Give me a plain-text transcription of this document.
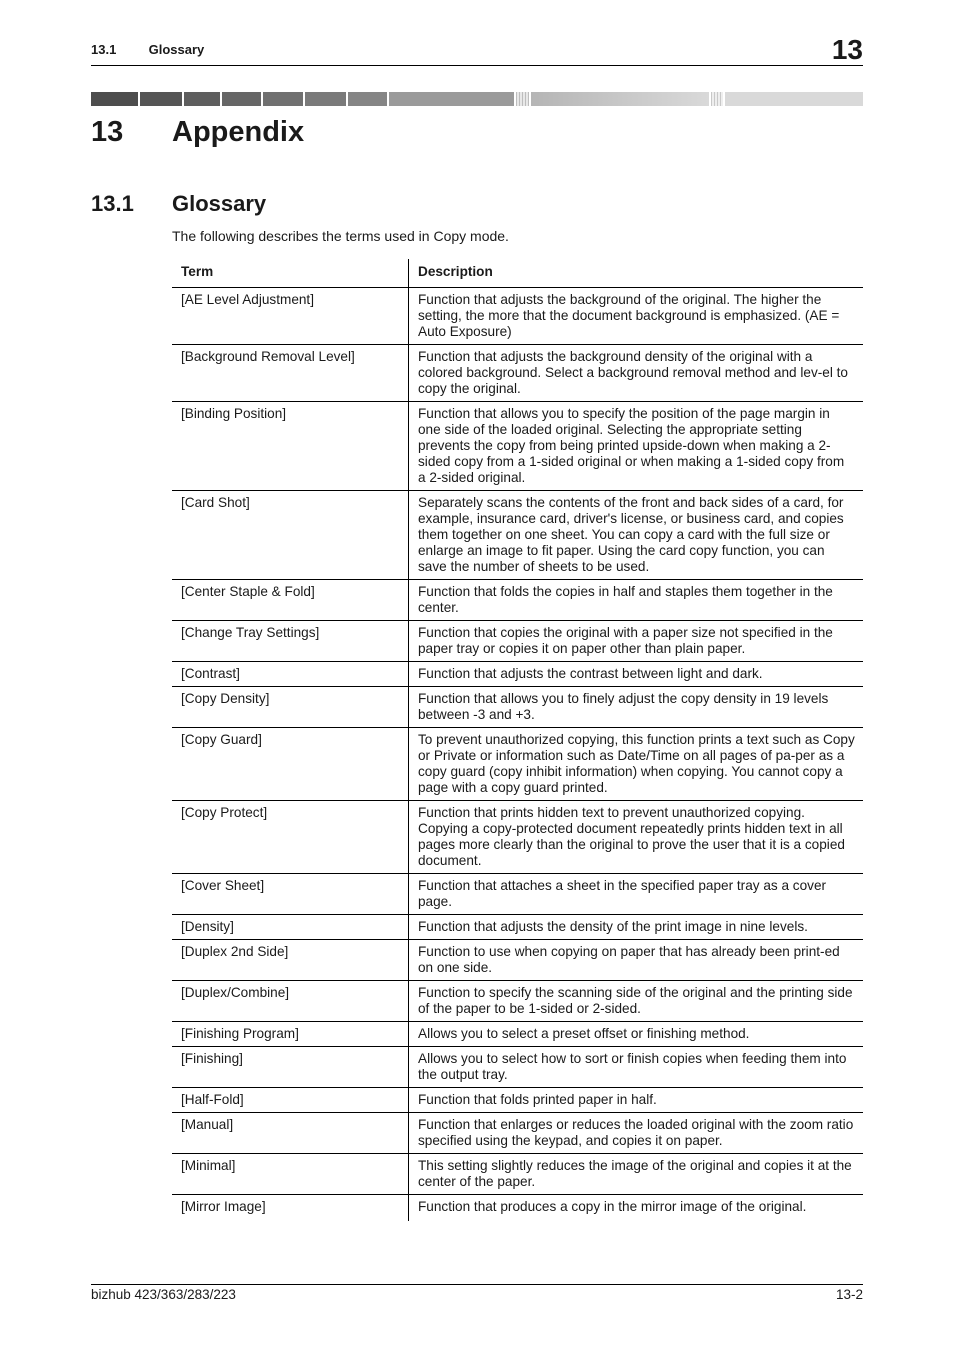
13.1 Glossary	13
13 Appendix
13.1 Glossary

The following describes the terms used in Copy mode.

Term	Description
[AE Level Adjustment]	Function that adjusts the background of the original. The higher the setting, the more that the document background is emphasized. (AE = Auto Exposure)
[Background Removal Level]	Function that adjusts the background density of the original with a colored background. Select a background removal method and lev-el to copy the original.
[Binding Position]	Function that allows you to specify the position of the page margin in one side of the loaded original. Selecting the appropriate setting prevents the copy from being printed upside-down when making a 2-sided copy from a 1-sided original or when making a 1-sided copy from a 2-sided original.
[Card Shot]	Separately scans the contents of the front and back sides of a card, for example, insurance card, driver's license, or business card, and copies them together on one sheet. You can copy a card with the full size or enlarge an image to fit paper. Using the card copy function, you can save the number of sheets to be used.
[Center Staple & Fold]	Function that folds the copies in half and staples them together in the center.
[Change Tray Settings]	Function that copies the original with a paper size not specified in the paper tray or copies it on paper other than plain paper.
[Contrast]	Function that adjusts the contrast between light and dark.
[Copy Density]	Function that allows you to finely adjust the copy density in 19 levels between -3 and +3.
[Copy Guard]	To prevent unauthorized copying, this function prints a text such as Copy or Private or information such as Date/Time on all pages of pa-per as a copy guard (copy inhibit information) when copying. You cannot copy a page with a copy guard printed.
[Copy Protect]	Function that prints hidden text to prevent unauthorized copying. Copying a copy-protected document repeatedly prints hidden text in all pages more clearly than the original to prove the user that it is a copied document.
[Cover Sheet]	Function that attaches a sheet in the specified paper tray as a cover page.
[Density]	Function that adjusts the density of the print image in nine levels.
[Duplex 2nd Side]	Function to use when copying on paper that has already been print-ed on one side.
[Duplex/Combine]	Function to specify the scanning side of the original and the printing side of the paper to be 1-sided or 2-sided.
[Finishing Program]	Allows you to select a preset offset or finishing method.
[Finishing]	Allows you to select how to sort or finish copies when feeding them into the output tray.
[Half-Fold]	Function that folds printed paper in half.
[Manual]	Function that enlarges or reduces the loaded original with the zoom ratio specified using the keypad, and copies it on paper.
[Minimal]	This setting slightly reduces the image of the original and copies it at the center of the paper.
[Mirror Image]	Function that produces a copy in the mirror image of the original.
bizhub 423/363/283/223	13-2
